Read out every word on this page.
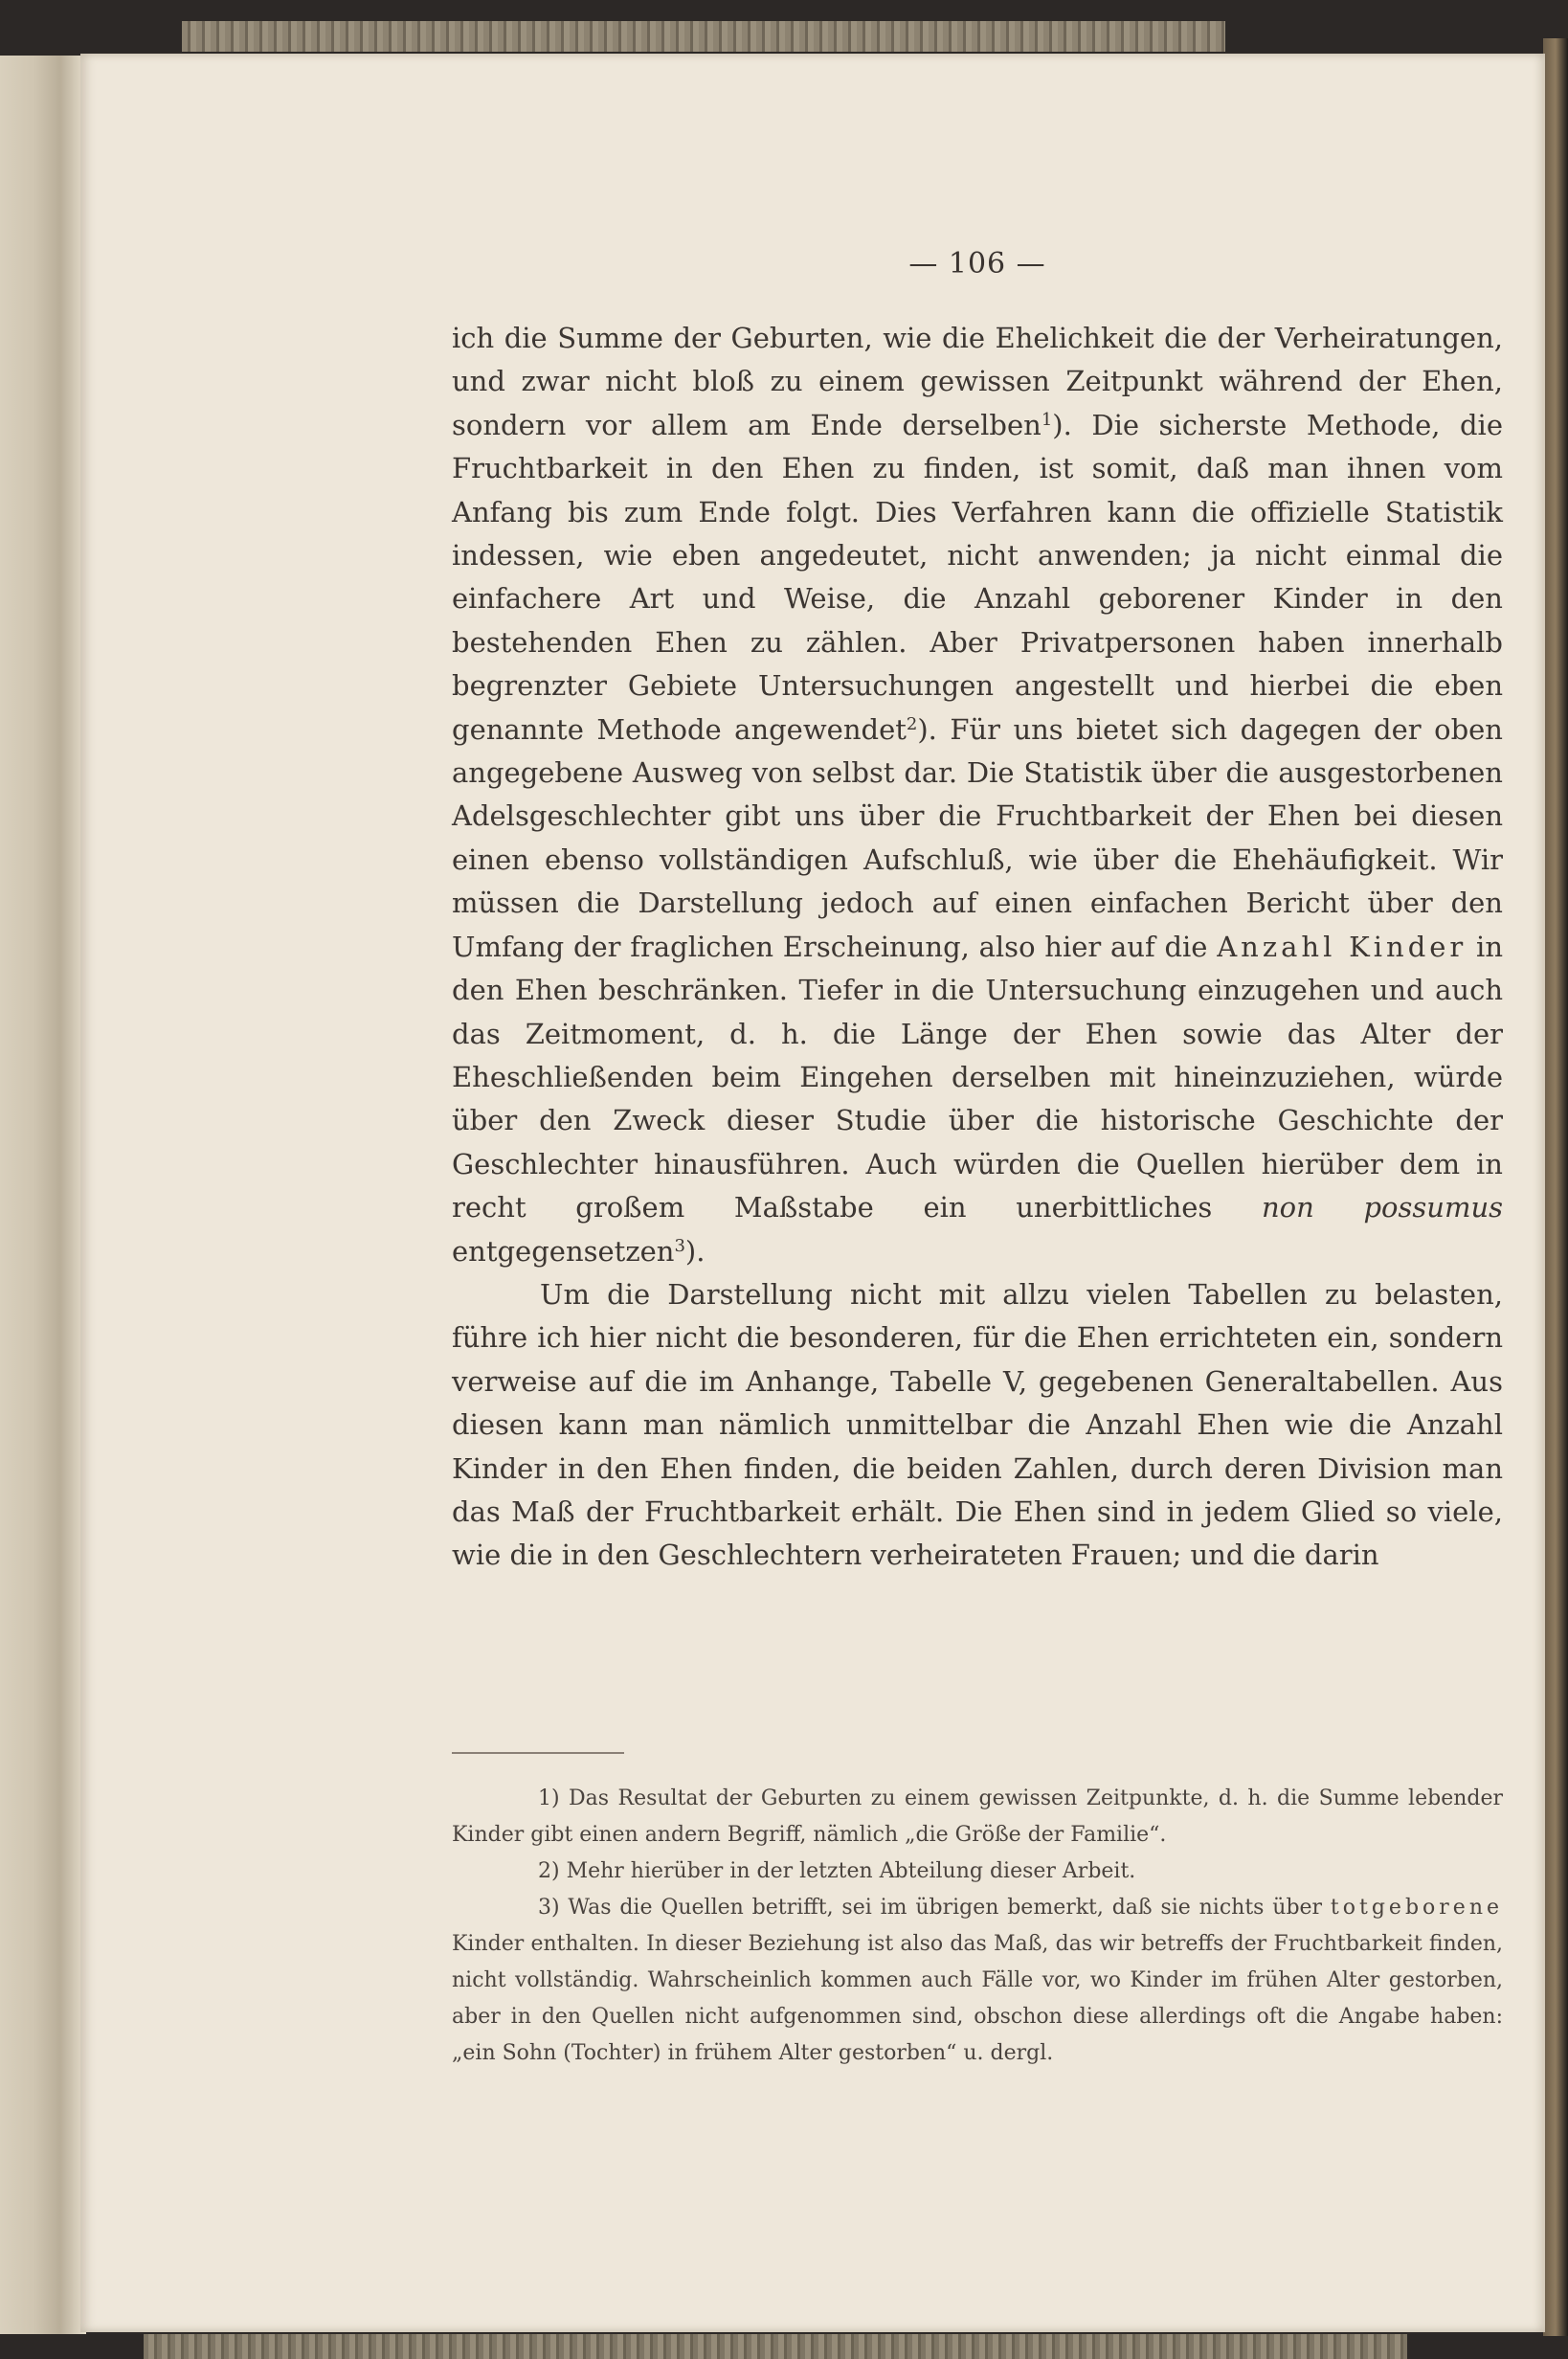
— 106 —

ich die Summe der Geburten, wie die Ehelichkeit die der Verheiratungen, und zwar nicht bloß zu einem gewissen Zeitpunkt während der Ehen, sondern vor allem am Ende derselben$^1$). Die sicherste Methode, die Fruchtbarkeit in den Ehen zu finden, ist somit, daß man ihnen vom Anfang bis zum Ende folgt. Dies Verfahren kann die offizielle Statistik indessen, wie eben angedeutet, nicht anwenden; ja nicht einmal die einfachere Art und Weise, die Anzahl geborener Kinder in den bestehenden Ehen zu zählen. Aber Privatpersonen haben innerhalb begrenzter Gebiete Untersuchungen angestellt und hierbei die eben genannte Methode angewendet$^2$). Für uns bietet sich dagegen der oben angegebene Ausweg von selbst dar. Die Statistik über die ausgestorbenen Adelsgeschlechter gibt uns über die Fruchtbarkeit der Ehen bei diesen einen ebenso vollständigen Aufschluß, wie über die Ehehäufigkeit. Wir müssen die Darstellung jedoch auf einen einfachen Bericht über den Umfang der fraglichen Erscheinung, also hier auf die Anzahl Kinder in den Ehen beschränken. Tiefer in die Untersuchung einzugehen und auch das Zeitmoment, d. h. die Länge der Ehen sowie das Alter der Eheschließenden beim Eingehen derselben mit hineinzuziehen, würde über den Zweck dieser Studie über die historische Geschichte der Geschlechter hinausführen. Auch würden die Quellen hierüber dem in recht großem Maßstabe ein unerbittliches non possumus entgegensetzen$^3$).

Um die Darstellung nicht mit allzu vielen Tabellen zu belasten, führe ich hier nicht die besonderen, für die Ehen errichteten ein, sondern verweise auf die im Anhange, Tabelle V, gegebenen Generaltabellen. Aus diesen kann man nämlich unmittelbar die Anzahl Ehen wie die Anzahl Kinder in den Ehen finden, die beiden Zahlen, durch deren Division man das Maß der Fruchtbarkeit erhält. Die Ehen sind in jedem Glied so viele, wie die in den Geschlechtern verheirateten Frauen; und die darin

1) Das Resultat der Geburten zu einem gewissen Zeitpunkte, d. h. die Summe lebender Kinder gibt einen andern Begriff, nämlich „die Größe der Familie“.

2) Mehr hierüber in der letzten Abteilung dieser Arbeit.

3) Was die Quellen betrifft, sei im übrigen bemerkt, daß sie nichts über totgeborene Kinder enthalten. In dieser Beziehung ist also das Maß, das wir betreffs der Fruchtbarkeit finden, nicht vollständig. Wahrscheinlich kommen auch Fälle vor, wo Kinder im frühen Alter gestorben, aber in den Quellen nicht aufgenommen sind, obschon diese allerdings oft die Angabe haben: „ein Sohn (Tochter) in frühem Alter gestorben“ u. dergl.
